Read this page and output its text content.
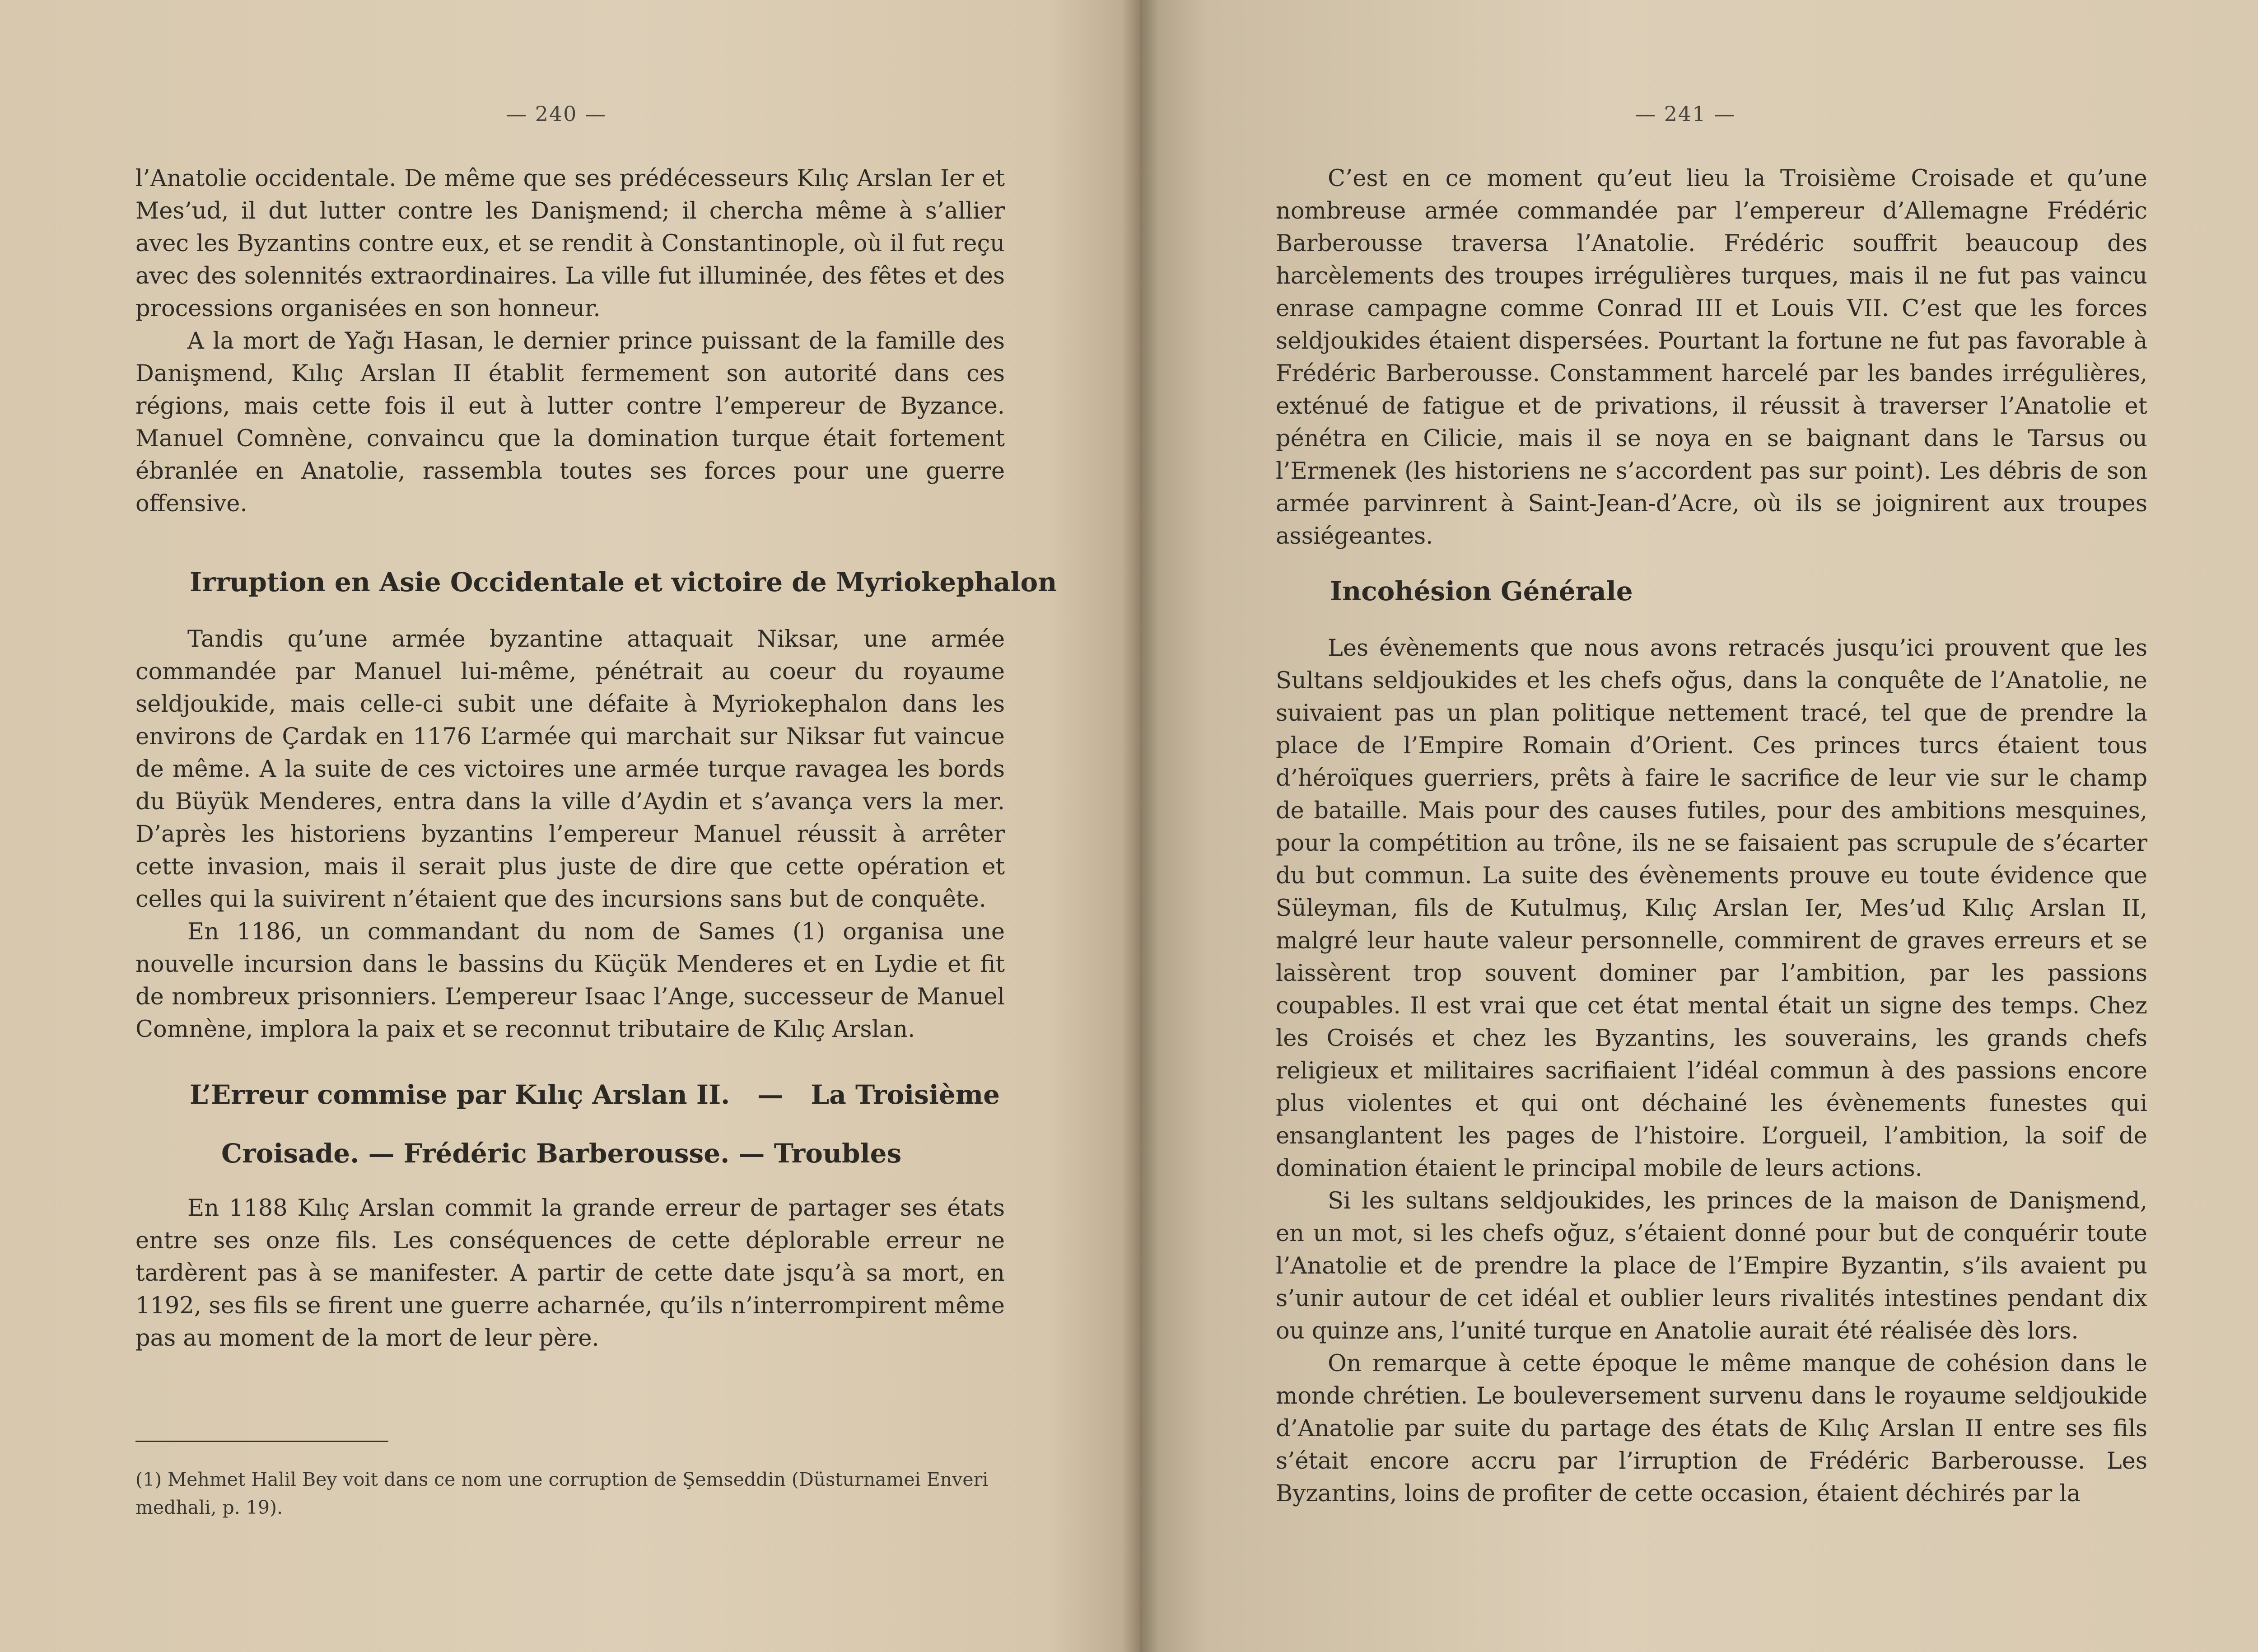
— 240 —

l’Anatolie occidentale. De même que ses prédécesseurs Kılıç Arslan Ier et Mes’ud, il dut lutter contre les Danişmend; il chercha même à s’allier avec les Byzantins contre eux, et se rendit à Constantinople, où il fut reçu avec des solennités extraordinaires. La ville fut illuminée, des fêtes et des processions organisées en son honneur.

A la mort de Yağı Hasan, le dernier prince puissant de la famille des Danişmend, Kılıç Arslan II établit fermement son autorité dans ces régions, mais cette fois il eut à lutter contre l’empereur de Byzance. Manuel Comnène, convaincu que la domination turque était fortement ébranlée en Anatolie, rassembla toutes ses forces pour une guerre offensive.

Irruption en Asie Occidentale et victoire de Myriokephalon

Tandis qu’une armée byzantine attaquait Niksar, une armée commandée par Manuel lui-même, pénétrait au coeur du royaume seldjoukide, mais celle-ci subit une défaite à Myriokephalon dans les environs de Çardak en 1176 L’armée qui marchait sur Niksar fut vaincue de même. A la suite de ces victoires une armée turque ravagea les bords du Büyük Menderes, entra dans la ville d’Aydin et s’avança vers la mer. D’après les historiens byzantins l’empereur Manuel réussit à arrêter cette invasion, mais il serait plus juste de dire que cette opération et celles qui la suivirent n’étaient que des incursions sans but de conquête.

En 1186, un commandant du nom de Sames (1) organisa une nouvelle incursion dans le bassins du Küçük Menderes et en Lydie et fit de nombreux prisonniers. L’empereur Isaac l’Ange, successeur de Manuel Comnène, implora la paix et se reconnut tributaire de Kılıç Arslan.

L’Erreur commise par Kılıç Arslan II.   —   La Troisième
Croisade. — Frédéric Barberousse. — Troubles

En 1188 Kılıç Arslan commit la grande erreur de partager ses états entre ses onze fils. Les conséquences de cette déplorable erreur ne tardèrent pas à se manifester. A partir de cette date jsqu’à sa mort, en 1192, ses fils se firent une guerre acharnée, qu’ils n’interrompirent même pas au moment de la mort de leur père.

(1) Mehmet Halil Bey voit dans ce nom une corruption de Şemseddin (Düsturnamei Enveri medhali, p. 19).
— 241 —

C’est en ce moment qu’eut lieu la Troisième Croisade et qu’une nombreuse armée commandée par l’empereur d’Allemagne Frédéric Barberousse traversa l’Anatolie. Frédéric souffrit beaucoup des harcèlements des troupes irrégulières turques, mais il ne fut pas vaincu enrase campagne comme Conrad III et Louis VII. C’est que les forces seldjoukides étaient dispersées. Pourtant la fortune ne fut pas favorable à Frédéric Barberousse. Constamment harcelé par les bandes irrégulières, exténué de fatigue et de privations, il réussit à traverser l’Anatolie et pénétra en Cilicie, mais il se noya en se baignant dans le Tarsus ou l’Ermenek (les historiens ne s’accordent pas sur point). Les débris de son armée parvinrent à Saint-Jean-d’Acre, où ils se joignirent aux troupes assiégeantes.

Incohésion Générale

Les évènements que nous avons retracés jusqu’ici prouvent que les Sultans seldjoukides et les chefs oğus, dans la conquête de l’Anatolie, ne suivaient pas un plan politique nettement tracé, tel que de prendre la place de l’Empire Romain d’Orient. Ces princes turcs étaient tous d’héroïques guerriers, prêts à faire le sacrifice de leur vie sur le champ de bataille. Mais pour des causes futiles, pour des ambitions mesquines, pour la compétition au trône, ils ne se faisaient pas scrupule de s’écarter du but commun. La suite des évènements prouve eu toute évidence que Süleyman, fils de Kutulmuş, Kılıç Arslan Ier, Mes’ud Kılıç Arslan II, malgré leur haute valeur personnelle, commirent de graves erreurs et se laissèrent trop souvent dominer par l’ambition, par les passions coupables. Il est vrai que cet état mental était un signe des temps. Chez les Croisés et chez les Byzantins, les souverains, les grands chefs religieux et militaires sacrifiaient l’idéal commun à des passions encore plus violentes et qui ont déchainé les évènements funestes qui ensanglantent les pages de l’histoire. L’orgueil, l’ambition, la soif de domination étaient le principal mobile de leurs actions.

Si les sultans seldjoukides, les princes de la maison de Danişmend, en un mot, si les chefs oğuz, s’étaient donné pour but de conquérir toute l’Anatolie et de prendre la place de l’Empire Byzantin, s’ils avaient pu s’unir autour de cet idéal et oublier leurs rivalités intestines pendant dix ou quinze ans, l’unité turque en Anatolie aurait été réalisée dès lors.

On remarque à cette époque le même manque de cohésion dans le monde chrétien. Le bouleversement survenu dans le royaume seldjoukide d’Anatolie par suite du partage des états de Kılıç Arslan II entre ses fils s’était encore accru par l’irruption de Frédéric Barberousse. Les Byzantins, loins de profiter de cette occasion, étaient déchirés par la
